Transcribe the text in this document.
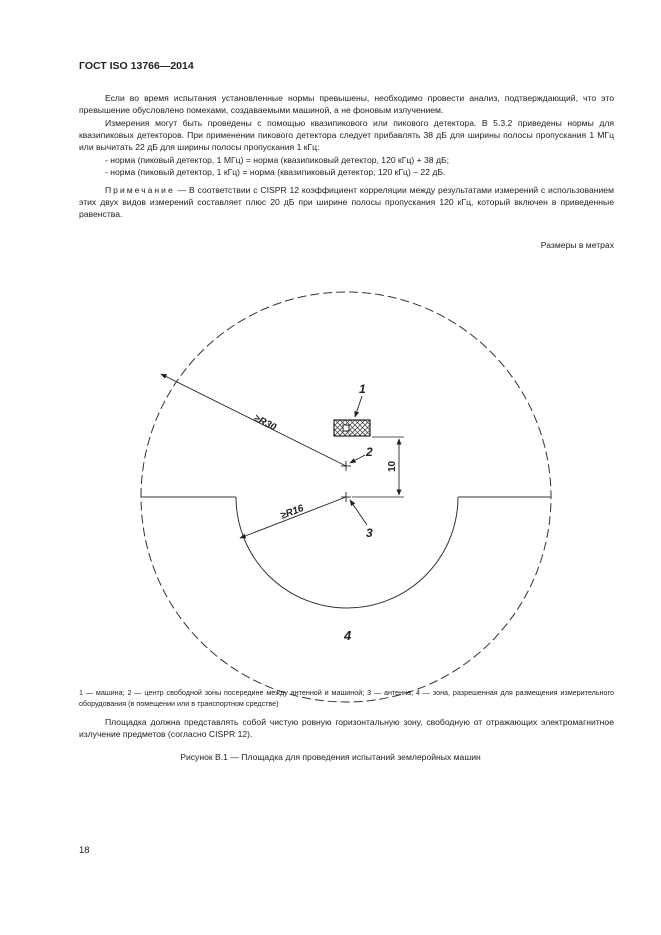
ГОСТ ISO 13766—2014

Если во время испытания установленные нормы превышены, необходимо провести анализ, подтверждающий, что это превышение обусловлено помехами, создаваемыми машиной, а не фоновым излучением.

Измерения могут быть проведены с помощью квазипикового или пикового детектора. В 5.3.2 приведены нормы для квазипиковых детекторов. При применении пикового детектора следует прибавлять 38 дБ для ширины полосы пропускания 1 МГц или вычитать 22 дБ для ширины полосы пропускания 1 кГц:

- норма (пиковый детектор, 1 МГц) = норма (квазипиковый детектор, 120 кГц) + 38 дБ;

- норма (пиковый детектор, 1 кГц) = норма (квазипиковый детектор, 120 кГц) – 22 дБ.

Примечание — В соответствии с CISPR 12 коэффициент корреляции между результатами измерений с использованием этих двух видов измерений составляет плюс 20 дБ при ширине полосы пропускания 120 кГц, который включен в приведенные равенства.

Размеры в метрах
≥R30
≥R16
10
1
2
3
4

1 — машина; 2 — центр свободной зоны посередине между антенной и машиной; 3 — антенна; 4 — зона, разрешенная для размещения измерительного оборудования (в помещении или в транспортном средстве)

Площадка должна представлять собой чистую ровную горизонтальную зону, свободную от отражающих электромагнитное излучение предметов (согласно CISPR 12).

Рисунок В.1 — Площадка для проведения испытаний землеройных машин
18
